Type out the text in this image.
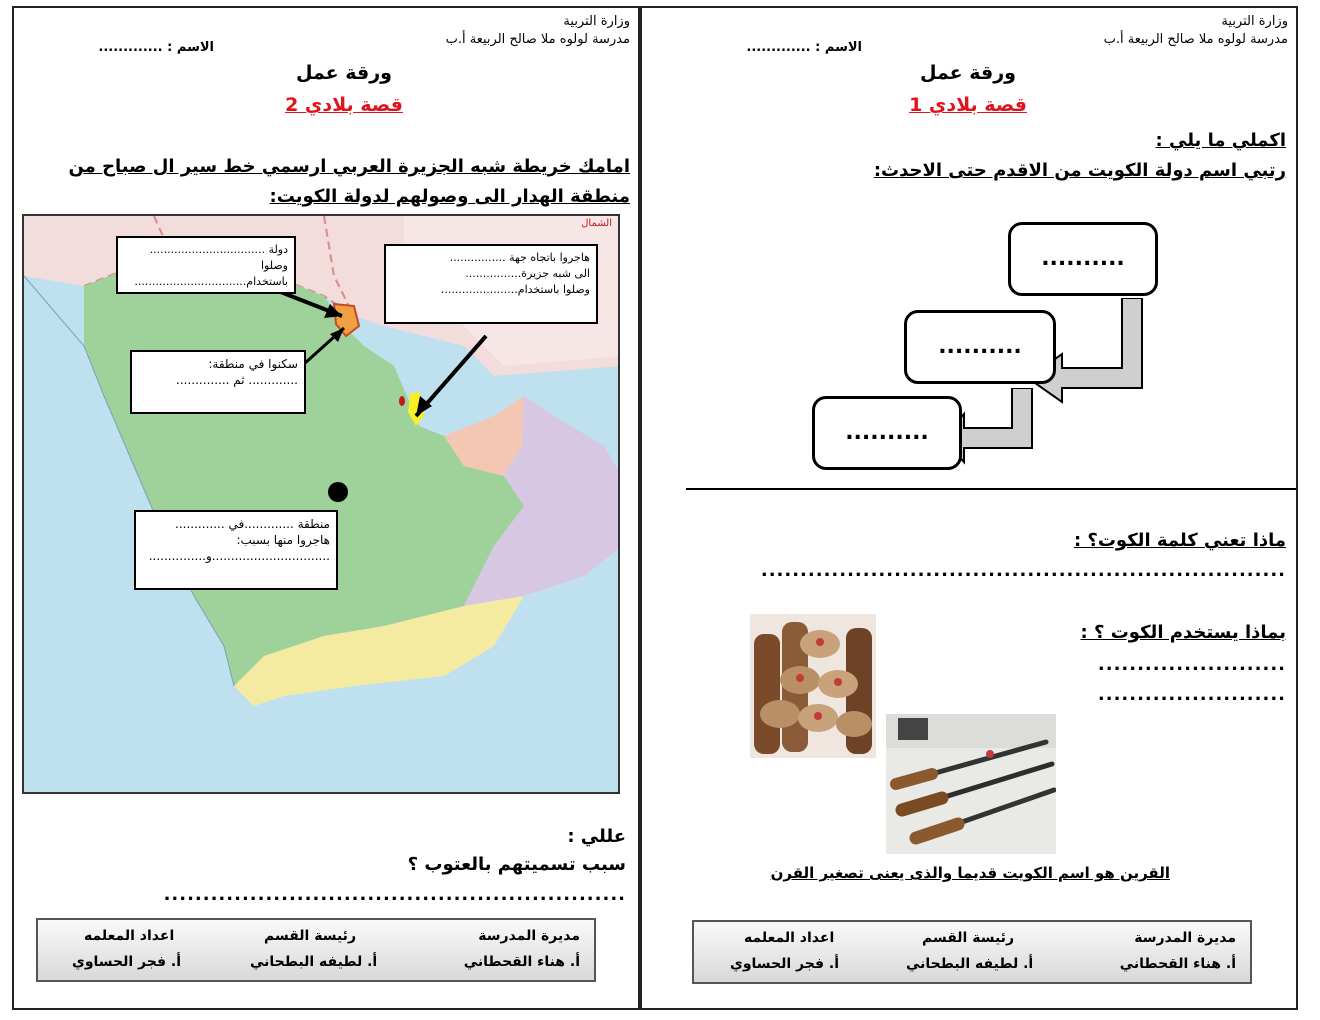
وزارة التربية
مدرسة لولوه ملا صالح الربيعة أ.ب
الاسم : .............
ورقة عمل
قصة بلادي 2
امامك خريطة شبه الجزيرة العربي ارسمي خط سير ال صباح من
منطقة الهدار الى وصولهم لدولة الكويت:
الشمال
دولة .................................
وصلوا باستخدام................................
هاجروا باتجاه جهة ................
الى شبه جزيرة................
وصلوا باستخدام......................
سكنوا في منطقة:
............. ثم ..............
منطقة .............في .............
هاجروا منها بسبب:
...............................و...............
عللي :
سبب تسميتهم بالعتوب ؟
...........................................................
مديرة المدرسة
أ. هناء القحطاني
رئيسة القسم
أ. لطيفه البطحاني
اعداد المعلمه
أ. فجر الحساوي
وزارة التربية
مدرسة لولوه ملا صالح الربيعة أ.ب
الاسم : .............
ورقة عمل
قصة بلادي 1
اكملي ما يلي :
رتبي اسم دولة الكويت من الاقدم حتى الاحدث:
..........
..........
..........
ماذا تعني كلمة الكوت؟ :
...................................................................
بماذا يستخدم الكوت ؟ :
........................
........................
القرين هو اسم الكويت قديما والذى يعنى تصغير القرن
مديرة المدرسة
أ. هناء القحطاني
رئيسة القسم
أ. لطيفه البطحاني
اعداد المعلمه
أ. فجر الحساوي
